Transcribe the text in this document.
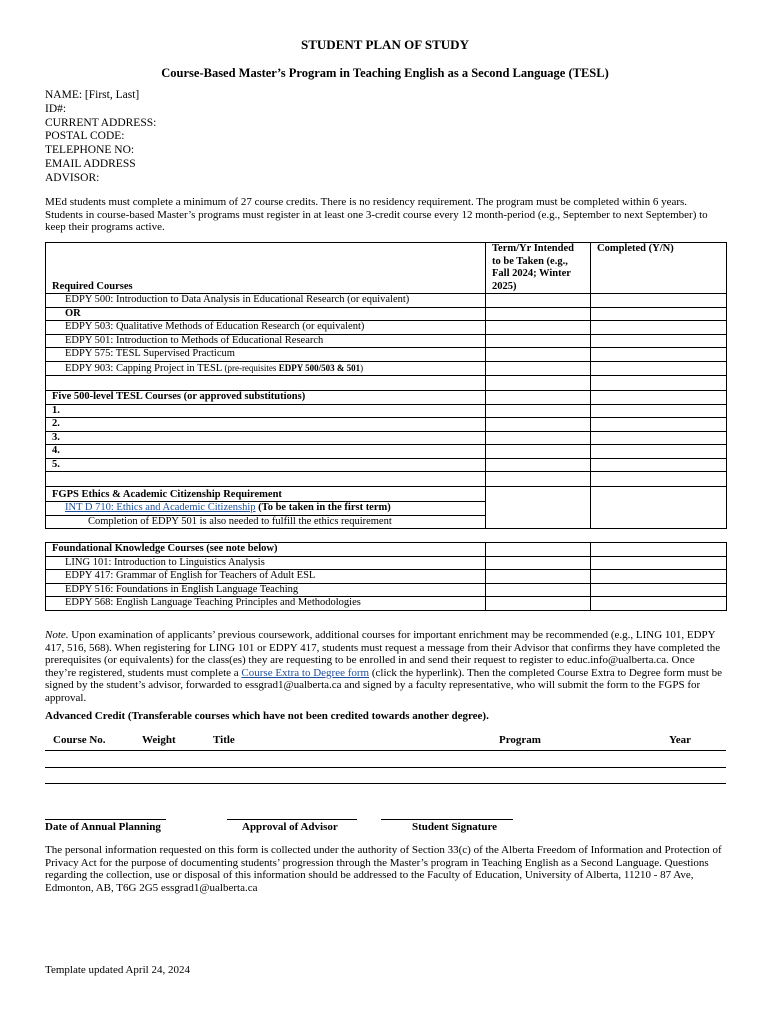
STUDENT PLAN OF STUDY
Course-Based Master’s Program in Teaching English as a Second Language (TESL)
NAME: [First, Last]
ID#:
CURRENT ADDRESS:
POSTAL CODE:
TELEPHONE NO:
EMAIL ADDRESS
ADVISOR:
MEd students must complete a minimum of 27 course credits. There is no residency requirement. The program must be completed within 6 years. Students in course-based Master’s programs must register in at least one 3-credit course every 12 month-period (e.g., September to next September) to keep their programs active.
Required Courses	Term/Yr Intended to be Taken (e.g., Fall 2024; Winter 2025)	Completed (Y/N)
EDPY 500: Introduction to Data Analysis in Educational Research (or equivalent)		
OR		
EDPY 503: Qualitative Methods of Education Research (or equivalent)		
EDPY 501: Introduction to Methods of Educational Research		
EDPY 575: TESL Supervised Practicum		
EDPY 903: Capping Project in TESL (pre-requisites EDPY 500/503 & 501)		

Five 500-level TESL Courses (or approved substitutions)		
1.		
2.		
3.		
4.		
5.		

FGPS Ethics & Academic Citizenship Requirement		
INT D 710: Ethics and Academic Citizenship (To be taken in the first term)		
Completion of EDPY 501 is also needed to fulfill the ethics requirement		
Foundational Knowledge Courses (see note below)		
LING 101: Introduction to Linguistics Analysis		
EDPY 417: Grammar of English for Teachers of Adult ESL		
EDPY 516: Foundations in English Language Teaching		
EDPY 568: English Language Teaching Principles and Methodologies		
Note. Upon examination of applicants’ previous coursework, additional courses for important enrichment may be recommended (e.g., LING 101, EDPY 417, 516, 568). When registering for LING 101 or EDPY 417, students must request a message from their Advisor that confirms they have completed the prerequisites (or equivalents) for the class(es) they are requesting to be enrolled in and send their request to register to educ.info@ualberta.ca. Once they’re registered, students must complete a Course Extra to Degree form (click the hyperlink). Then the completed Course Extra to Degree form must be signed by the student’s advisor, forwarded to essgrad1@ualberta.ca and signed by a faculty representative, who will submit the form to the FGPS for approval.
Advanced Credit (Transferable courses which have not been credited towards another degree).
Course No.	Weight	Title	Program	Year
Date of Annual Planning	Approval of Advisor	Student Signature
The personal information requested on this form is collected under the authority of Section 33(c) of the Alberta Freedom of Information and Protection of Privacy Act for the purpose of documenting students’ progression through the Master’s program in Teaching English as a Second Language. Questions regarding the collection, use or disposal of this information should be addressed to the Faculty of Education, University of Alberta, 11210 - 87 Ave, Edmonton, AB, T6G 2G5 essgrad1@ualberta.ca
Template updated April 24, 2024
